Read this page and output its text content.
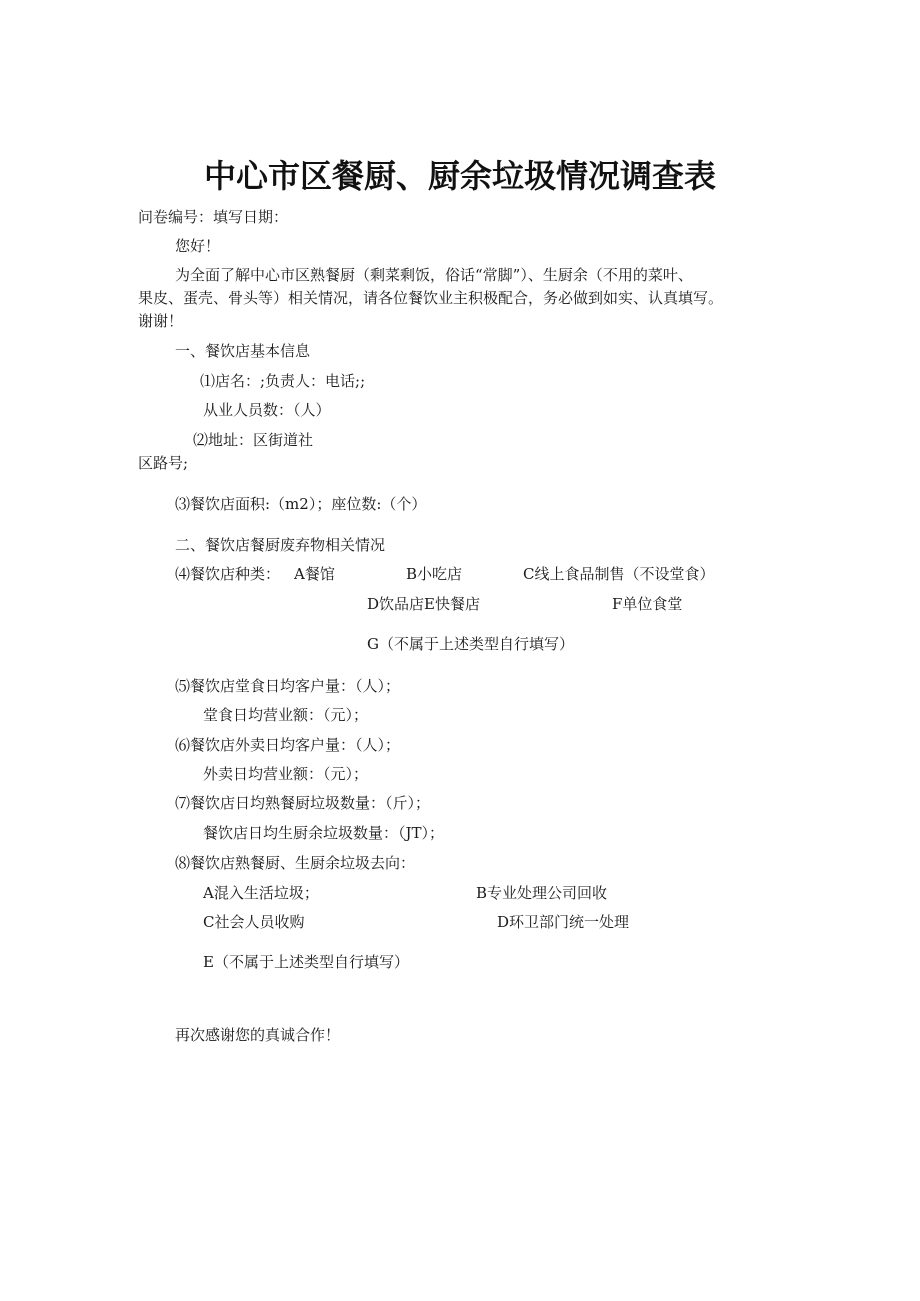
中心市区餐厨、厨余垃圾情况调查表
问卷编号：填写日期：
您好！
为全面了解中心市区熟餐厨（剩菜剩饭，俗话“常脚”）、生厨余（不用的菜叶、
果皮、蛋壳、骨头等）相关情况，请各位餐饮业主积极配合，务必做到如实、认真填写。
谢谢！
一、餐饮店基本信息
⑴店名：;负责人：电话;;
从业人员数：（人）
⑵地址：区街道社
区路号;
⑶餐饮店面积:（m2）；座位数:（个）
二、餐饮店餐厨废弃物相关情况
⑷餐饮店种类： A餐馆	B小吃店	C线上食品制售（不设堂食）
D饮品店E快餐店	F单位食堂
G（不属于上述类型自行填写）
⑸餐饮店堂食日均客户量：（人）；
堂食日均营业额：（元）；
⑹餐饮店外卖日均客户量：（人）；
外卖日均营业额：（元）；
⑺餐饮店日均熟餐厨垃圾数量：（斤）；
餐饮店日均生厨余垃圾数量：（JT）；
⑻餐饮店熟餐厨、生厨余垃圾去向：
A混入生活垃圾；	B专业处理公司回收
C社会人员收购	D环卫部门统一处理
E（不属于上述类型自行填写）
再次感谢您的真诚合作！
